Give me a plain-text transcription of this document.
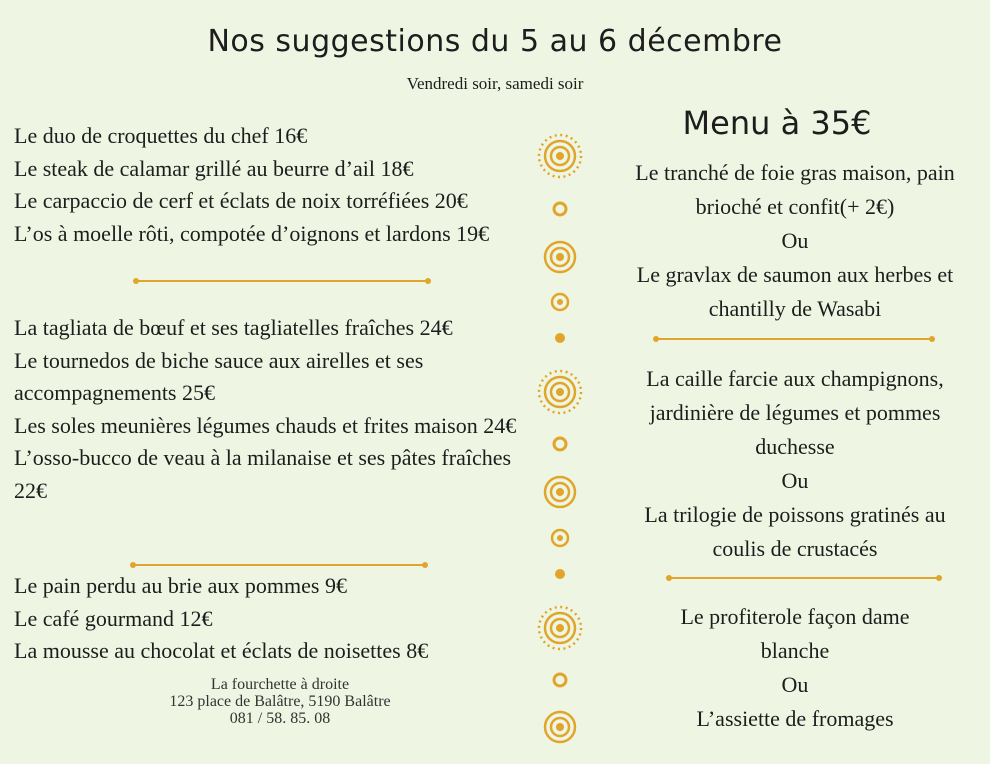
Nos suggestions du 5 au 6 décembre
Vendredi soir, samedi soir
Le duo de croquettes du chef 16€
Le steak de calamar grillé au beurre d’ail 18€
Le carpaccio de cerf et éclats de noix torréfiées 20€
L’os à moelle rôti, compotée d’oignons et lardons 19€
La tagliata de bœuf et ses tagliatelles fraîches 24€
Le tournedos de biche sauce aux airelles et ses accompagnements 25€
Les soles meunières légumes chauds et frites maison 24€
L’osso-bucco de veau à la milanaise et ses pâtes fraîches 22€
Le pain perdu au brie aux pommes 9€
Le café gourmand 12€
La mousse au chocolat et éclats de noisettes 8€
La fourchette à droite
123 place de Balâtre, 5190 Balâtre
081 / 58. 85. 08
Menu à 35€
Le tranché de foie gras maison, pain brioché et confit(+ 2€)
Ou
Le gravlax de saumon aux herbes et chantilly de Wasabi
La caille farcie aux champignons, jardinière de légumes et pommes duchesse
Ou
La trilogie de poissons gratinés au coulis de crustacés
Le profiterole façon dame blanche
Ou
L’assiette de fromages
